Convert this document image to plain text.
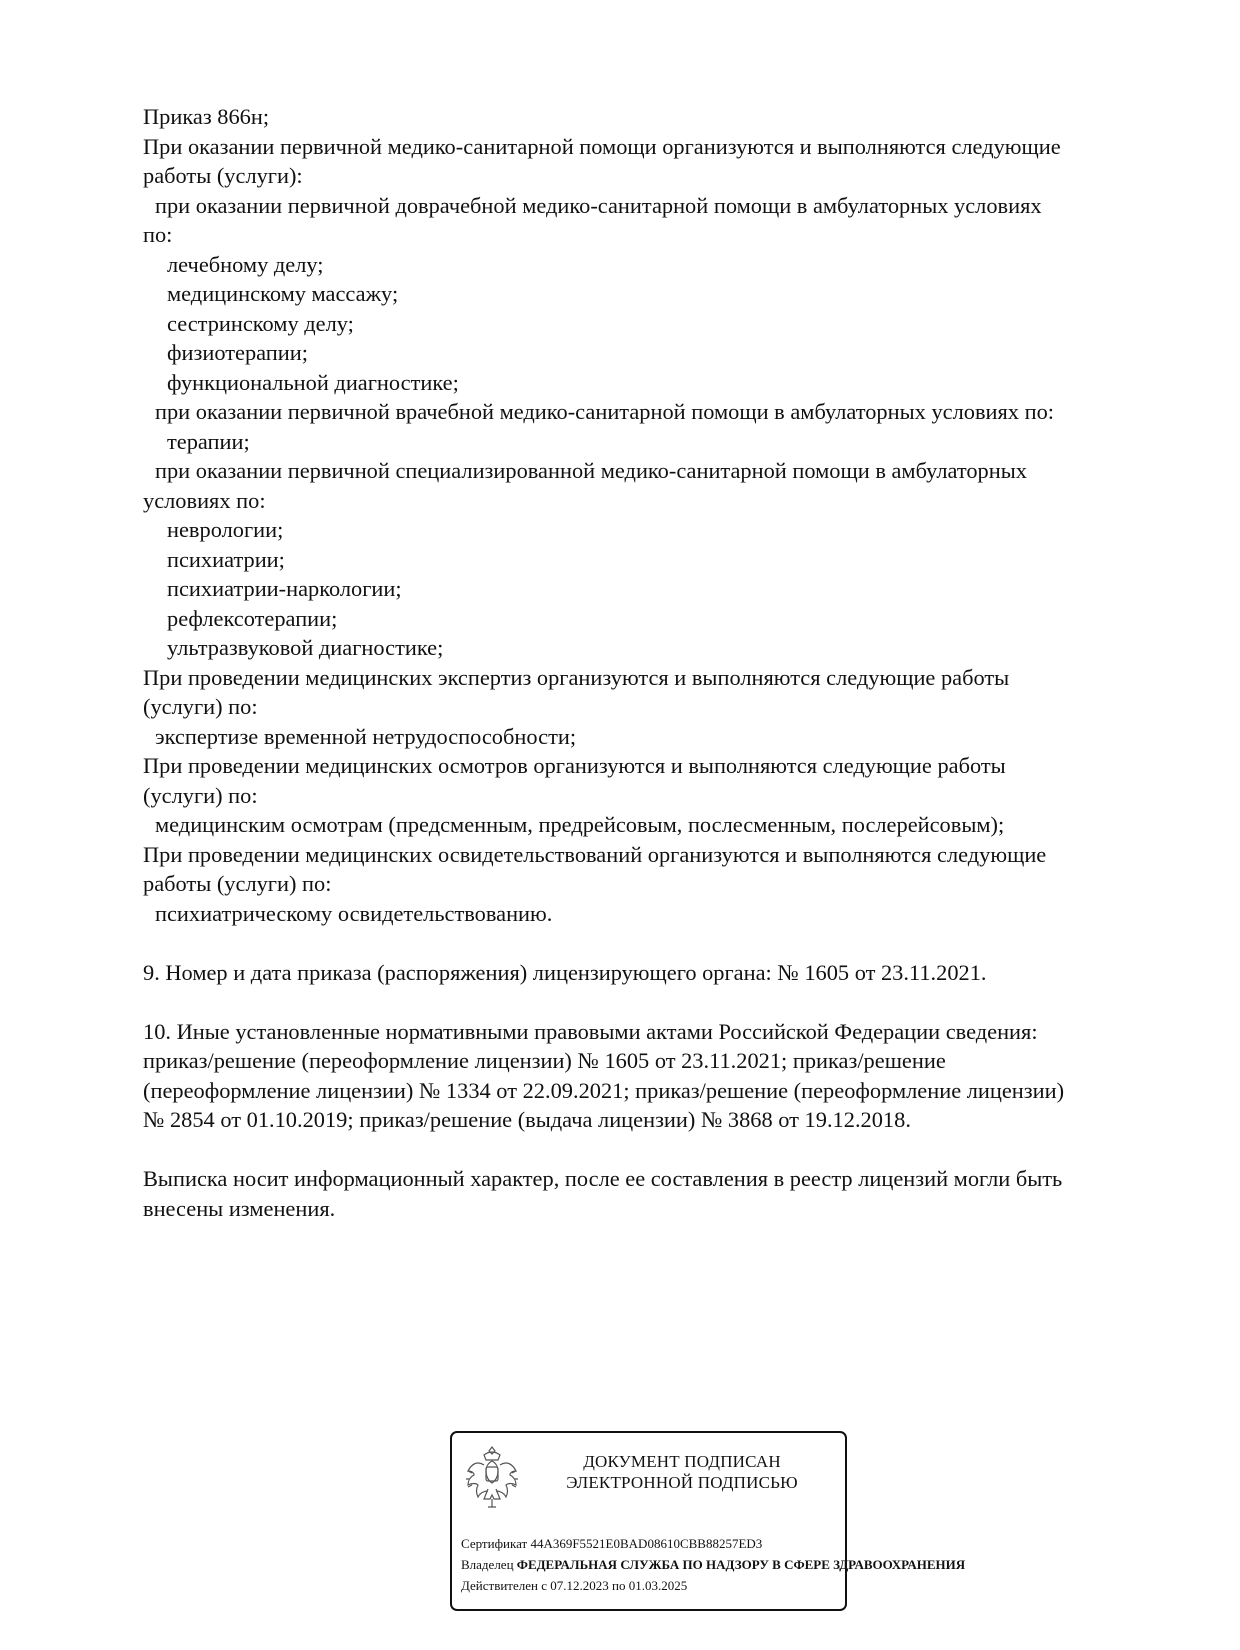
Приказ 866н;
При оказании первичной медико-санитарной помощи организуются и выполняются следующие
работы (услуги):
при оказании первичной доврачебной медико-санитарной помощи в амбулаторных условиях
по:
лечебному делу;
медицинскому массажу;
сестринскому делу;
физиотерапии;
функциональной диагностике;
при оказании первичной врачебной медико-санитарной помощи в амбулаторных условиях по:
терапии;
при оказании первичной специализированной медико-санитарной помощи в амбулаторных
условиях по:
неврологии;
психиатрии;
психиатрии-наркологии;
рефлексотерапии;
ультразвуковой диагностике;
При проведении медицинских экспертиз организуются и выполняются следующие работы
(услуги) по:
экспертизе временной нетрудоспособности;
При проведении медицинских осмотров организуются и выполняются следующие работы
(услуги) по:
медицинским осмотрам (предсменным, предрейсовым, послесменным, послерейсовым);
При проведении медицинских освидетельствований организуются и выполняются следующие
работы (услуги) по:
психиатрическому освидетельствованию.
9. Номер и дата приказа (распоряжения) лицензирующего органа: № 1605 от 23.11.2021.
10. Иные установленные нормативными правовыми актами Российской Федерации сведения:
приказ/решение (переоформление лицензии) № 1605 от 23.11.2021; приказ/решение
(переоформление лицензии) № 1334 от 22.09.2021; приказ/решение (переоформление лицензии)
№ 2854 от 01.10.2019; приказ/решение (выдача лицензии) № 3868 от 19.12.2018.
Выписка носит информационный характер, после ее составления в реестр лицензий могли быть
внесены изменения.
ДОКУМЕНТ ПОДПИСАН
ЭЛЕКТРОННОЙ ПОДПИСЬЮ
Сертификат 44A369F5521E0BAD08610CBB88257ED3
Владелец ФЕДЕРАЛЬНАЯ СЛУЖБА ПО НАДЗОРУ В СФЕРЕ ЗДРАВООХРАНЕНИЯ
Действителен с 07.12.2023 по 01.03.2025
